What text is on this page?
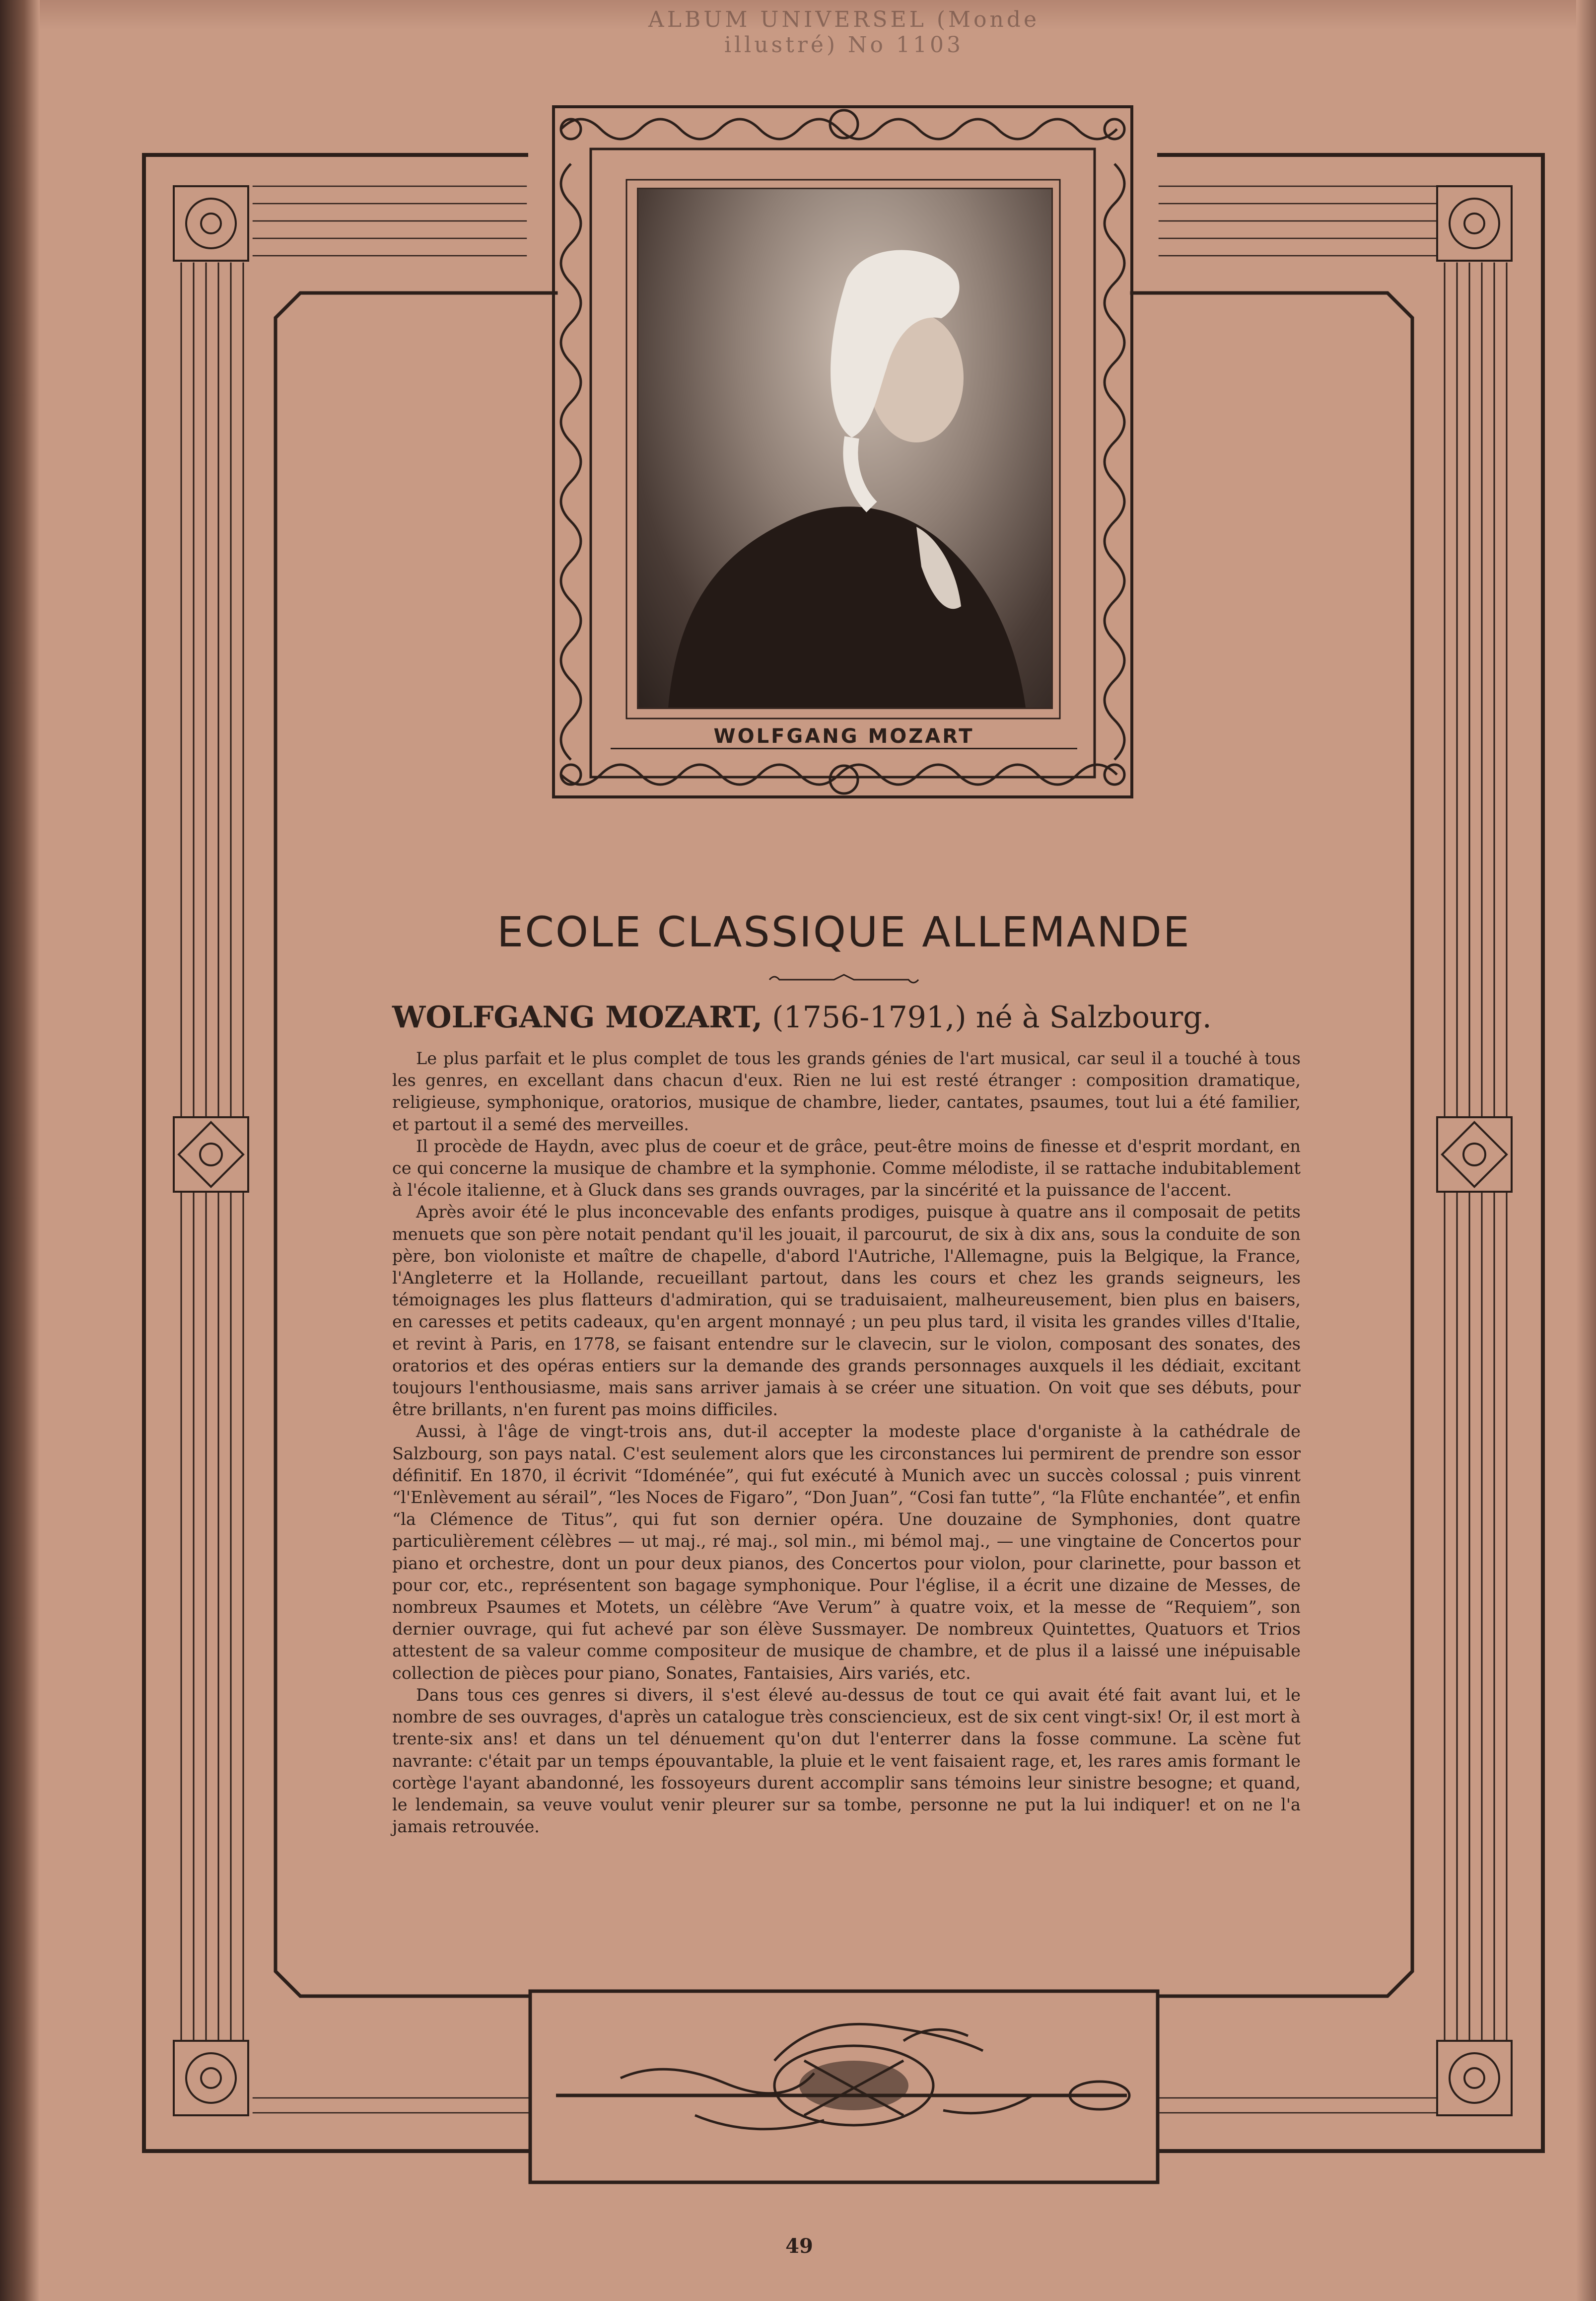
ALBUM UNIVERSEL (Monde illustré) No 1103
WOLFGANG MOZART
ECOLE CLASSIQUE ALLEMANDE
WOLFGANG MOZART, (1756-1791,) né à Salzbourg.

Le plus parfait et le plus complet de tous les grands génies de l'art musical, car seul il a touché à tous les genres, en excellant dans chacun d'eux. Rien ne lui est resté étranger : composition dramatique, religieuse, symphonique, oratorios, musique de chambre, lieder, cantates, psaumes, tout lui a été familier, et partout il a semé des merveilles.

Il procède de Haydn, avec plus de coeur et de grâce, peut-être moins de finesse et d'esprit mordant, en ce qui concerne la musique de chambre et la symphonie. Comme mélodiste, il se rattache indubitablement à l'école italienne, et à Gluck dans ses grands ouvrages, par la sincérité et la puissance de l'accent.

Après avoir été le plus inconcevable des enfants prodiges, puisque à quatre ans il composait de petits menuets que son père notait pendant qu'il les jouait, il parcourut, de six à dix ans, sous la conduite de son père, bon violoniste et maître de chapelle, d'abord l'Autriche, l'Allemagne, puis la Belgique, la France, l'Angleterre et la Hollande, recueillant partout, dans les cours et chez les grands seigneurs, les témoignages les plus flatteurs d'admiration, qui se traduisaient, malheureusement, bien plus en baisers, en caresses et petits cadeaux, qu'en argent monnayé ; un peu plus tard, il visita les grandes villes d'Italie, et revint à Paris, en 1778, se faisant entendre sur le clavecin, sur le violon, composant des sonates, des oratorios et des opéras entiers sur la demande des grands personnages auxquels il les dédiait, excitant toujours l'enthousiasme, mais sans arriver jamais à se créer une situation. On voit que ses débuts, pour être brillants, n'en furent pas moins difficiles.

Aussi, à l'âge de vingt-trois ans, dut-il accepter la modeste place d'organiste à la cathédrale de Salzbourg, son pays natal. C'est seulement alors que les circonstances lui permirent de prendre son essor définitif. En 1870, il écrivit “Idoménée”, qui fut exécuté à Munich avec un succès colossal ; puis vinrent “l'Enlèvement au sérail”, “les Noces de Figaro”, “Don Juan”, “Cosi fan tutte”, “la Flûte enchantée”, et enfin “la Clémence de Titus”, qui fut son dernier opéra. Une douzaine de Symphonies, dont quatre particulièrement célèbres — ut maj., ré maj., sol min., mi bémol maj., — une vingtaine de Concertos pour piano et orchestre, dont un pour deux pianos, des Concertos pour violon, pour clarinette, pour basson et pour cor, etc., représentent son bagage symphonique. Pour l'église, il a écrit une dizaine de Messes, de nombreux Psaumes et Motets, un célèbre “Ave Verum” à quatre voix, et la messe de “Requiem”, son dernier ouvrage, qui fut achevé par son élève Sussmayer. De nombreux Quintettes, Quatuors et Trios attestent de sa valeur comme compositeur de musique de chambre, et de plus il a laissé une inépuisable collection de pièces pour piano, Sonates, Fantaisies, Airs variés, etc.

Dans tous ces genres si divers, il s'est élevé au-dessus de tout ce qui avait été fait avant lui, et le nombre de ses ouvrages, d'après un catalogue très consciencieux, est de six cent vingt-six! Or, il est mort à trente-six ans! et dans un tel dénuement qu'on dut l'enterrer dans la fosse commune. La scène fut navrante: c'était par un temps épouvantable, la pluie et le vent faisaient rage, et, les rares amis formant le cortège l'ayant abandonné, les fossoyeurs durent accomplir sans témoins leur sinistre besogne; et quand, le lendemain, sa veuve voulut venir pleurer sur sa tombe, personne ne put la lui indiquer! et on ne l'a jamais retrouvée.

49
